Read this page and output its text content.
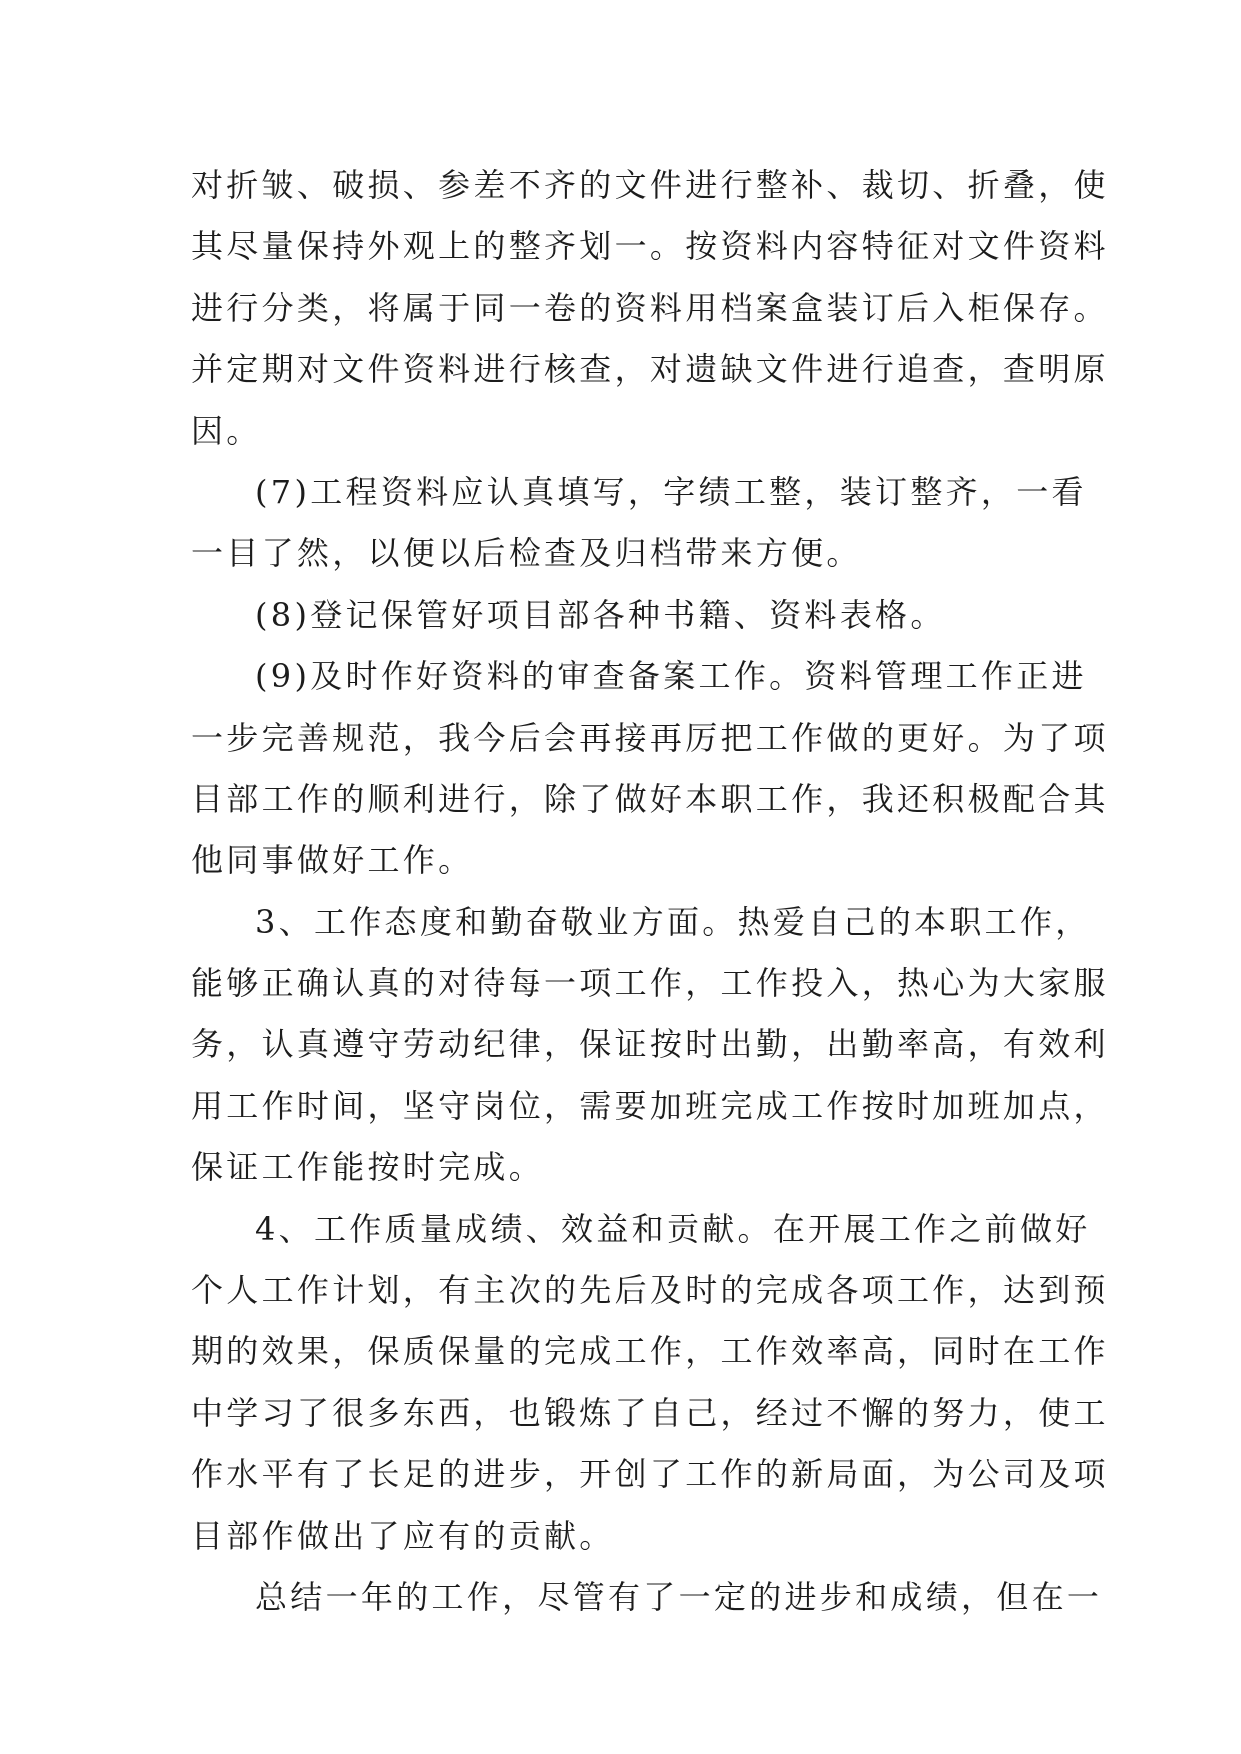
对折皱、破损、参差不齐的文件进行整补、裁切、折叠，使
其尽量保持外观上的整齐划一。按资料内容特征对文件资料
进行分类，将属于同一卷的资料用档案盒装订后入柜保存。
并定期对文件资料进行核查，对遗缺文件进行追查，查明原
因。
(7)工程资料应认真填写，字绩工整，装订整齐，一看
一目了然，以便以后检查及归档带来方便。
(8)登记保管好项目部各种书籍、资料表格。
(9)及时作好资料的审查备案工作。资料管理工作正进
一步完善规范，我今后会再接再厉把工作做的更好。为了项
目部工作的顺利进行，除了做好本职工作，我还积极配合其
他同事做好工作。
3、工作态度和勤奋敬业方面。热爱自己的本职工作，
能够正确认真的对待每一项工作，工作投入，热心为大家服
务，认真遵守劳动纪律，保证按时出勤，出勤率高，有效利
用工作时间，坚守岗位，需要加班完成工作按时加班加点，
保证工作能按时完成。
4、工作质量成绩、效益和贡献。在开展工作之前做好
个人工作计划，有主次的先后及时的完成各项工作，达到预
期的效果，保质保量的完成工作，工作效率高，同时在工作
中学习了很多东西，也锻炼了自己，经过不懈的努力，使工
作水平有了长足的进步，开创了工作的新局面，为公司及项
目部作做出了应有的贡献。
总结一年的工作，尽管有了一定的进步和成绩，但在一
